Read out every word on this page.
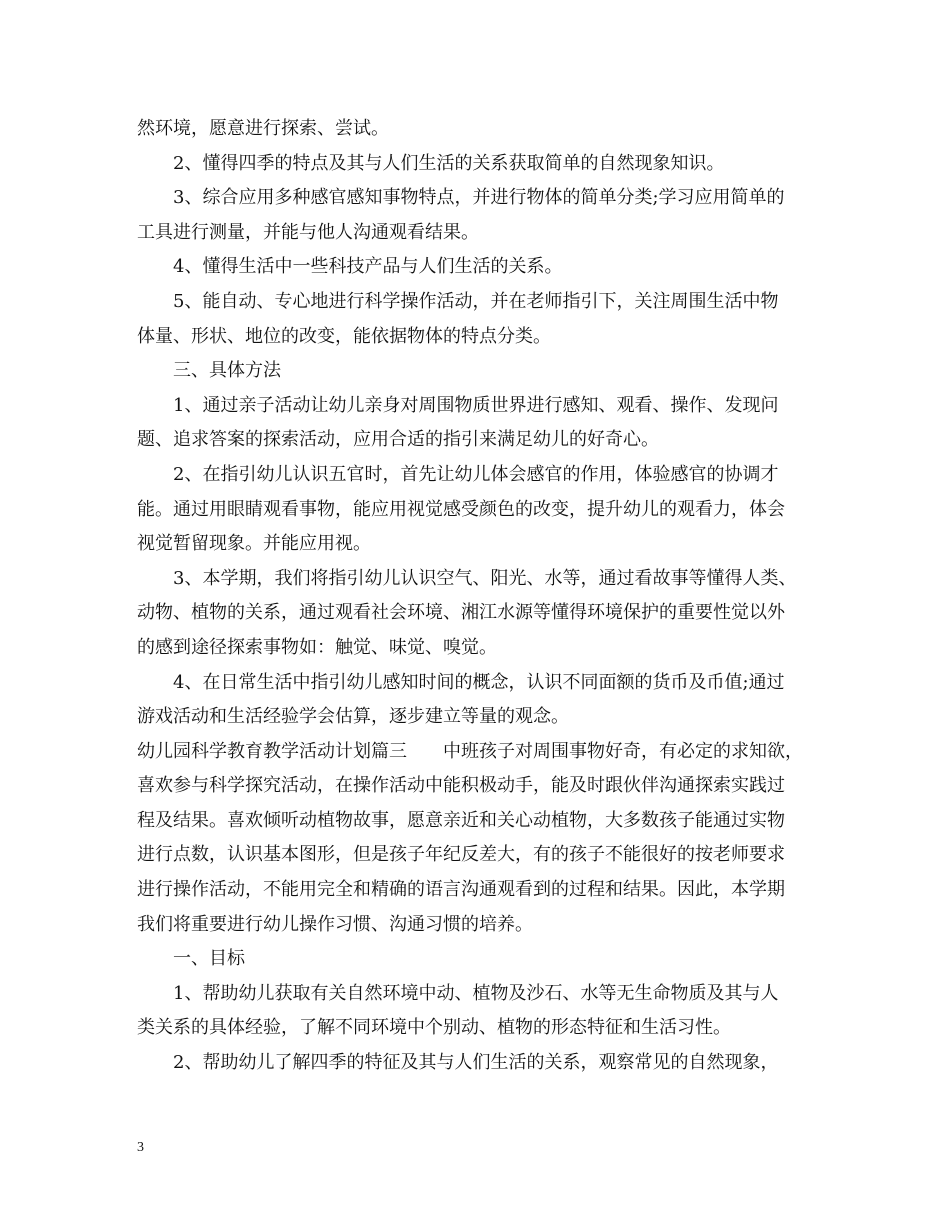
然环境，愿意进行探索、尝试。
2、懂得四季的特点及其与人们生活的关系获取简单的自然现象知识。
3、综合应用多种感官感知事物特点，并进行物体的简单分类;学习应用简单的
工具进行测量，并能与他人沟通观看结果。
4、懂得生活中一些科技产品与人们生活的关系。
5、能自动、专心地进行科学操作活动，并在老师指引下，关注周围生活中物
体量、形状、地位的改变，能依据物体的特点分类。
三、具体方法
1、通过亲子活动让幼儿亲身对周围物质世界进行感知、观看、操作、发现问
题、追求答案的探索活动，应用合适的指引来满足幼儿的好奇心。
2、在指引幼儿认识五官时，首先让幼儿体会感官的作用，体验感官的协调才
能。通过用眼睛观看事物，能应用视觉感受颜色的改变，提升幼儿的观看力，体会
视觉暂留现象。并能应用视。
3、本学期，我们将指引幼儿认识空气、阳光、水等，通过看故事等懂得人类、
动物、植物的关系，通过观看社会环境、湘江水源等懂得环境保护的重要性觉以外
的感到途径探索事物如：触觉、味觉、嗅觉。
4、在日常生活中指引幼儿感知时间的概念，认识不同面额的货币及币值;通过
游戏活动和生活经验学会估算，逐步建立等量的观念。
幼儿园科学教育教学活动计划篇三　　中班孩子对周围事物好奇，有必定的求知欲，
喜欢参与科学探究活动，在操作活动中能积极动手，能及时跟伙伴沟通探索实践过
程及结果。喜欢倾听动植物故事，愿意亲近和关心动植物，大多数孩子能通过实物
进行点数，认识基本图形，但是孩子年纪反差大，有的孩子不能很好的按老师要求
进行操作活动，不能用完全和精确的语言沟通观看到的过程和结果。因此，本学期
我们将重要进行幼儿操作习惯、沟通习惯的培养。
一、目标
1、帮助幼儿获取有关自然环境中动、植物及沙石、水等无生命物质及其与人
类关系的具体经验，了解不同环境中个别动、植物的形态特征和生活习性。
2、帮助幼儿了解四季的特征及其与人们生活的关系，观察常见的自然现象，
3
